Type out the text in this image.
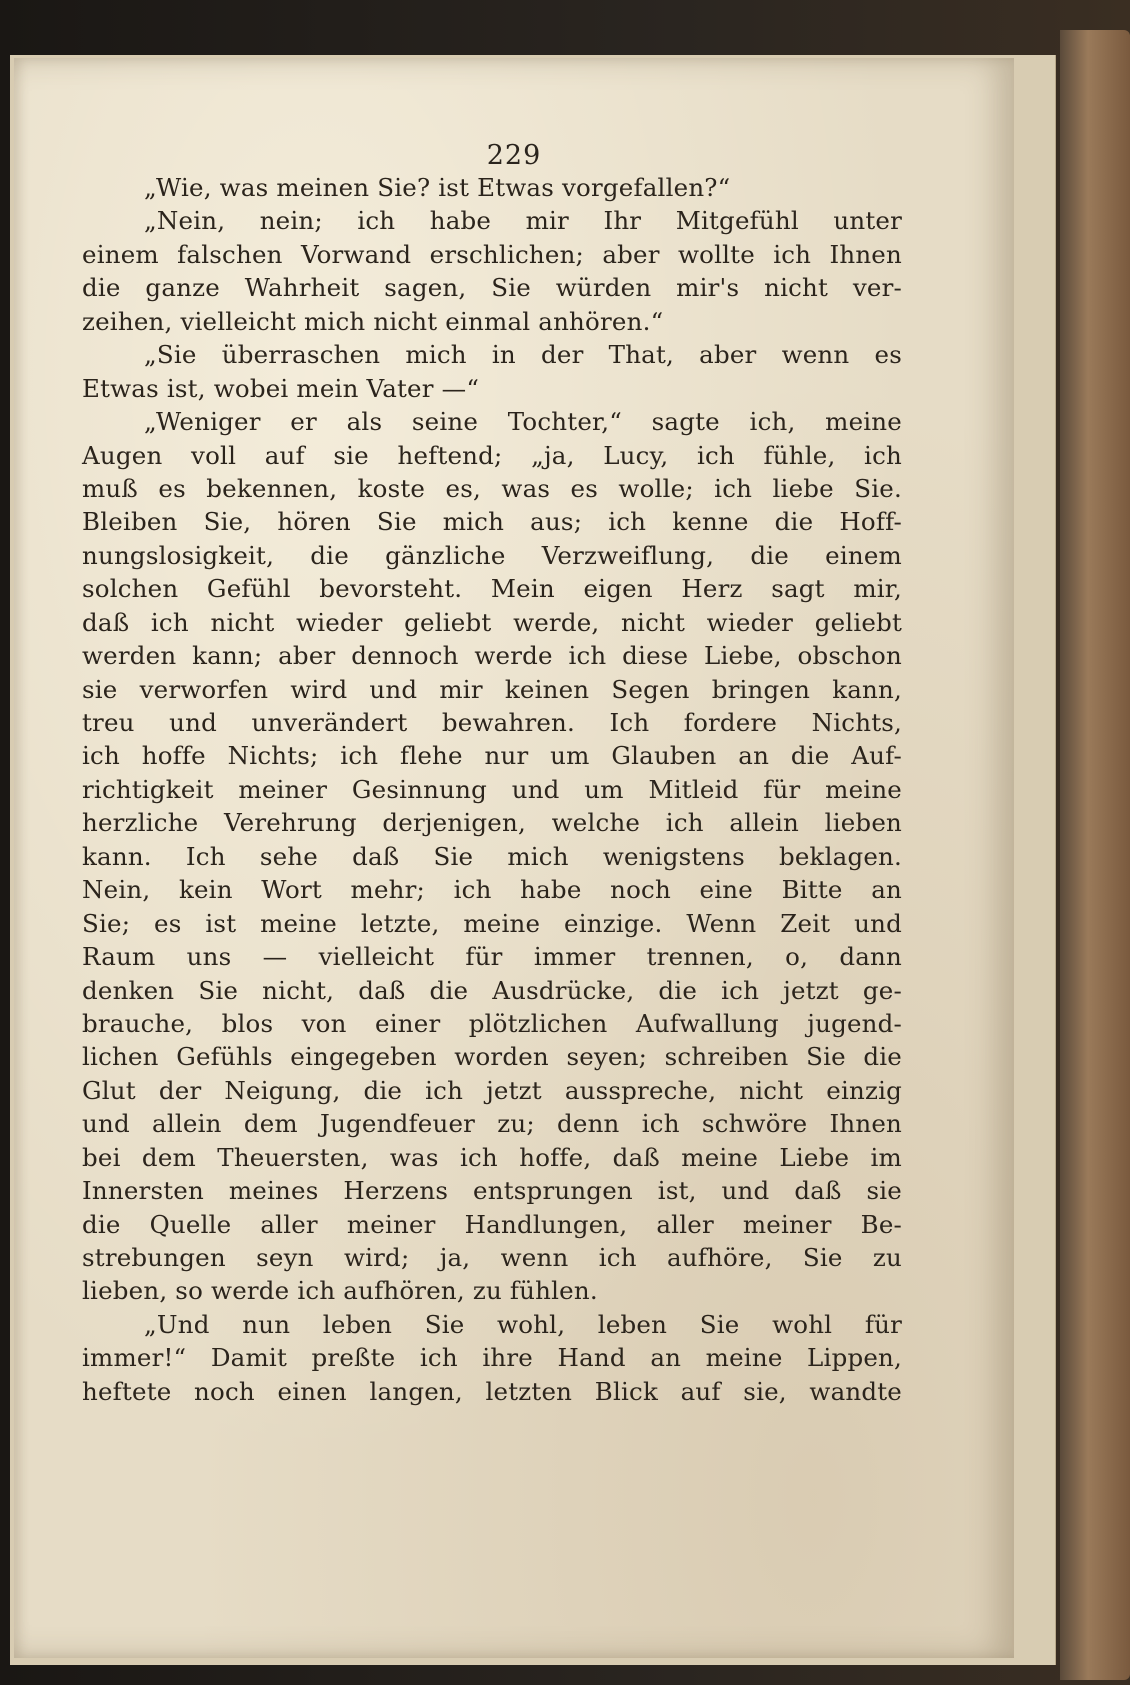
229
„Wie, was meinen Sie? ist Etwas vorgefallen?“
„Nein, nein; ich habe mir Ihr Mitgefühl unter
einem falschen Vorwand erschlichen; aber wollte ich Ihnen
die ganze Wahrheit sagen, Sie würden mir's nicht ver-
zeihen, vielleicht mich nicht einmal anhören.“
„Sie überraschen mich in der That, aber wenn es
Etwas ist, wobei mein Vater —“
„Weniger er als seine Tochter,“ sagte ich, meine
Augen voll auf sie heftend; „ja, Lucy, ich fühle, ich
muß es bekennen, koste es, was es wolle; ich liebe Sie.
Bleiben Sie, hören Sie mich aus; ich kenne die Hoff-
nungslosigkeit, die gänzliche Verzweiflung, die einem
solchen Gefühl bevorsteht. Mein eigen Herz sagt mir,
daß ich nicht wieder geliebt werde, nicht wieder geliebt
werden kann; aber dennoch werde ich diese Liebe, obschon
sie verworfen wird und mir keinen Segen bringen kann,
treu und unverändert bewahren. Ich fordere Nichts,
ich hoffe Nichts; ich flehe nur um Glauben an die Auf-
richtigkeit meiner Gesinnung und um Mitleid für meine
herzliche Verehrung derjenigen, welche ich allein lieben
kann. Ich sehe daß Sie mich wenigstens beklagen.
Nein, kein Wort mehr; ich habe noch eine Bitte an
Sie; es ist meine letzte, meine einzige. Wenn Zeit und
Raum uns — vielleicht für immer trennen, o, dann
denken Sie nicht, daß die Ausdrücke, die ich jetzt ge-
brauche, blos von einer plötzlichen Aufwallung jugend-
lichen Gefühls eingegeben worden seyen; schreiben Sie die
Glut der Neigung, die ich jetzt ausspreche, nicht einzig
und allein dem Jugendfeuer zu; denn ich schwöre Ihnen
bei dem Theuersten, was ich hoffe, daß meine Liebe im
Innersten meines Herzens entsprungen ist, und daß sie
die Quelle aller meiner Handlungen, aller meiner Be-
strebungen seyn wird; ja, wenn ich aufhöre, Sie zu
lieben, so werde ich aufhören, zu fühlen.
„Und nun leben Sie wohl, leben Sie wohl für
immer!“ Damit preßte ich ihre Hand an meine Lippen,
heftete noch einen langen, letzten Blick auf sie, wandte
